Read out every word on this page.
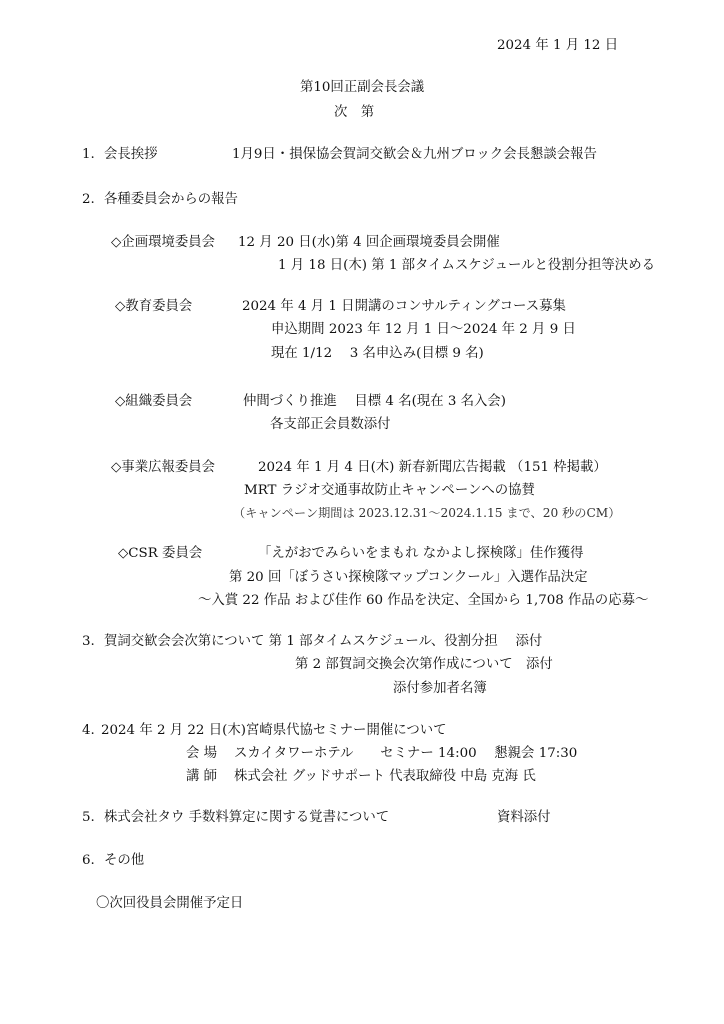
2024 年 1 月 12 日
第10回正副会長会議
次　第
1. 会長挨拶	1月9日・損保協会賀詞交歓会＆九州ブロック会長懇談会報告
2. 各種委員会からの報告
◇企画環境委員会 12 月 20 日(水)第 4 回企画環境委員会開催
1 月 18 日(木) 第 1 部タイムスケジュールと役割分担等決める
◇教育委員会	2024 年 4 月 1 日開講のコンサルティングコース募集
申込期間 2023 年 12 月 1 日～2024 年 2 月 9 日
現在 1/12　 3 名申込み(目標 9 名)
◇組織委員会	仲間づくり推進　 目標 4 名(現在 3 名入会)
各支部正会員数添付
◇事業広報委員会	2024 年 1 月 4 日(木) 新春新聞広告掲載 （151 枠掲載）
MRT ラジオ交通事故防止キャンペーンへの協賛
（キャンペーン期間は 2023.12.31～2024.1.15 まで、20 秒のCM）
◇CSR 委員会	「えがおでみらいをまもれ なかよし探検隊」佳作獲得
第 20 回「ぼうさい探検隊マップコンクール」入選作品決定
～入賞 22 作品 および佳作 60 作品を決定、全国から 1,708 作品の応募～
3. 賀詞交歓会会次第について 第 1 部タイムスケジュール、役割分担　 添付
第 2 部賀詞交換会次第作成について　添付
添付参加者名簿
4. 2024 年 2 月 22 日(木)宮崎県代協セミナー開催について
会 場 スカイタワーホテル　　セミナー 14:00　 懇親会 17:30
講 師 株式会社 グッドサポート 代表取締役 中島 克海 氏
5. 株式会社タウ 手数料算定に関する覚書について	資料添付
6. その他
〇次回役員会開催予定日
